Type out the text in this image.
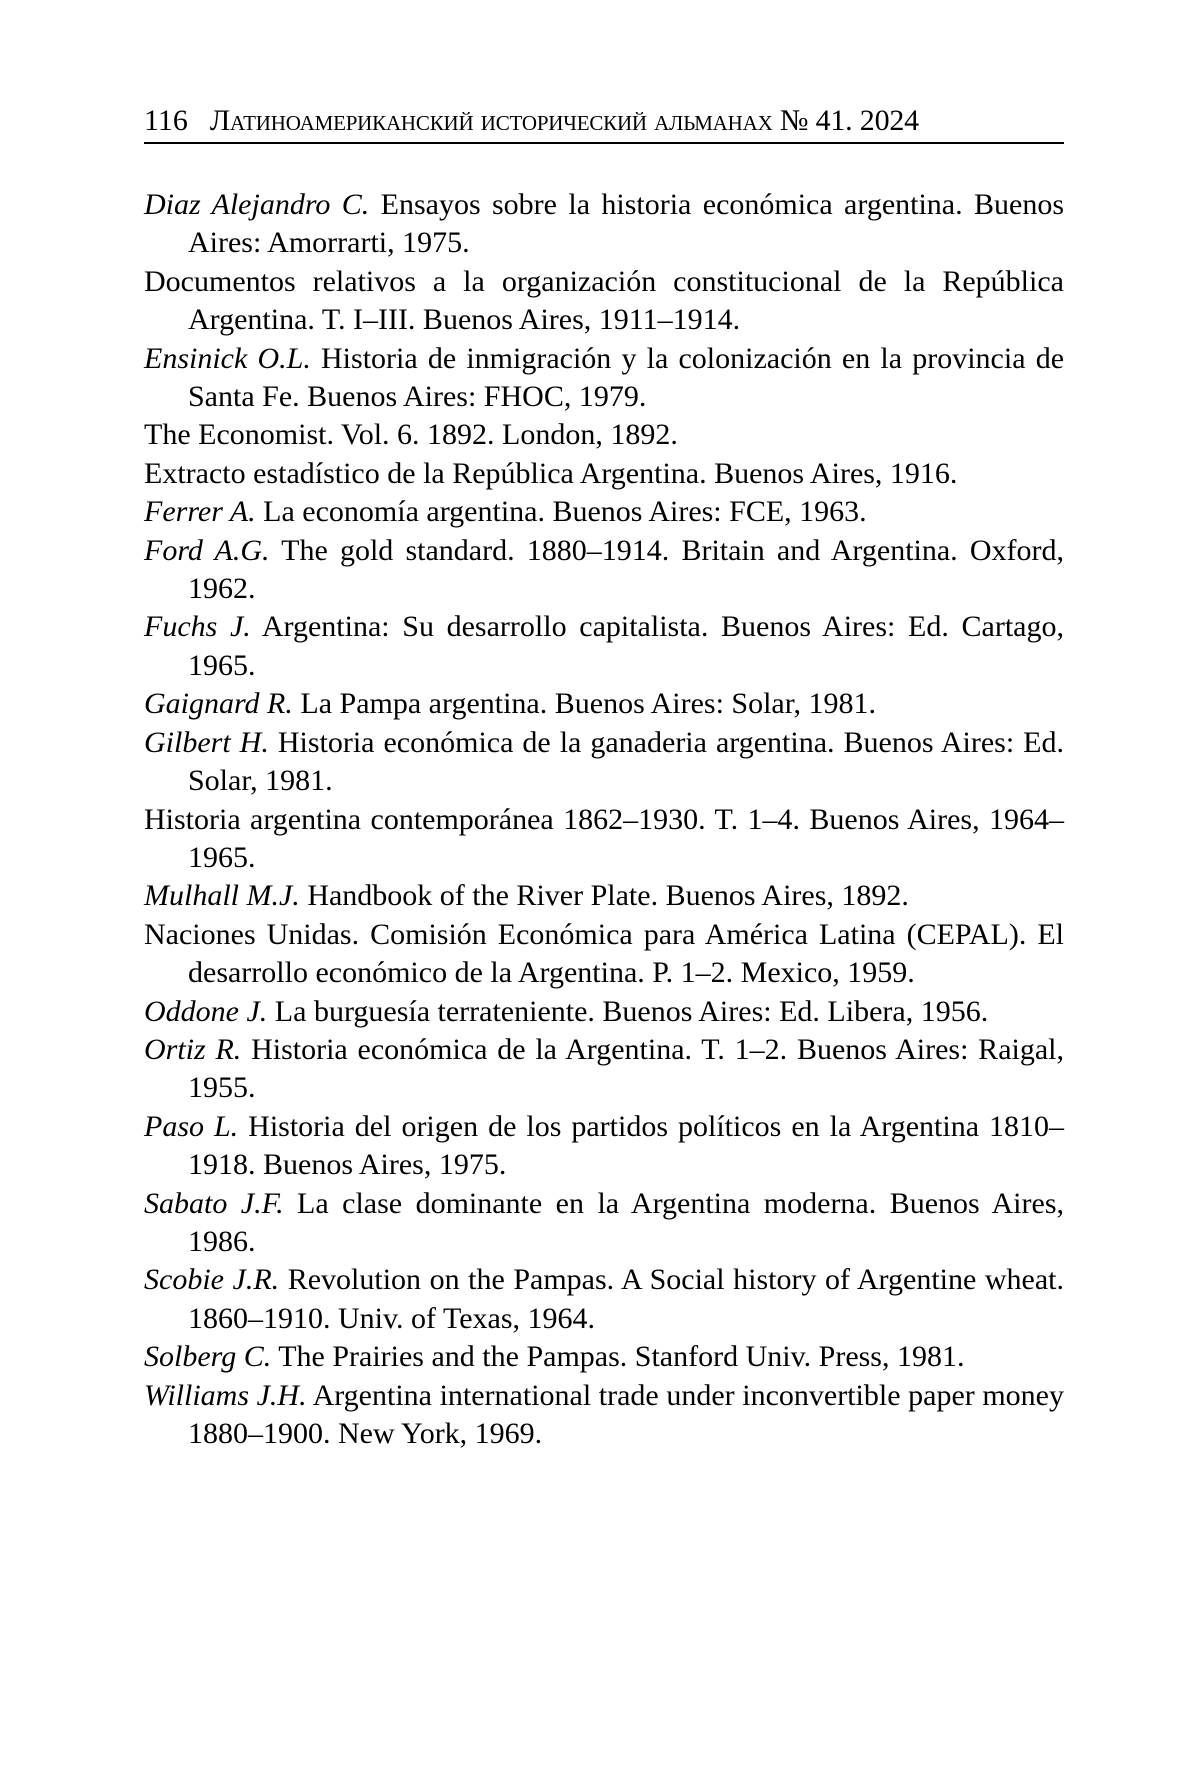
116 Латиноамериканский исторический альманах № 41. 2024
Diaz Alejandro C. Ensayos sobre la historia económica argentina. Buenos Aires: Amorrarti, 1975.
Documentos relativos a la organización constitucional de la República Argentina. T. I–III. Buenos Aires, 1911–1914.
Ensinick O.L. Historia de inmigración y la colonización en la provincia de Santa Fe. Buenos Aires: FHOC, 1979.
The Economist. Vol. 6. 1892. London, 1892.
Extracto estadístico de la República Argentina. Buenos Aires, 1916.
Ferrer A. La economía argentina. Buenos Aires: FCE, 1963.
Ford A.G. The gold standard. 1880–1914. Britain and Argentina. Oxford, 1962.
Fuchs J. Argentina: Su desarrollo capitalista. Buenos Aires: Ed. Cartago, 1965.
Gaignard R. La Pampa argentina. Buenos Aires: Solar, 1981.
Gilbert H. Historia económica de la ganaderia argentina. Buenos Aires: Ed. Solar, 1981.
Historia argentina contemporánea 1862–1930. T. 1–4. Buenos Aires, 1964–1965.
Mulhall M.J. Handbook of the River Plate. Buenos Aires, 1892.
Naciones Unidas. Comisión Económica para América Latina (CEPAL). El desarrollo económico de la Argentina. P. 1–2. Mexico, 1959.
Oddone J. La burguesía terrateniente. Buenos Aires: Ed. Libera, 1956.
Ortiz R. Historia económica de la Argentina. T. 1–2. Buenos Aires: Raigal, 1955.
Paso L. Historia del origen de los partidos políticos en la Argentina 1810–1918. Buenos Aires, 1975.
Sabato J.F. La clase dominante en la Argentina moderna. Buenos Aires, 1986.
Scobie J.R. Revolution on the Pampas. A Social history of Argentine wheat. 1860–1910. Univ. of Texas, 1964.
Solberg C. The Prairies and the Pampas. Stanford Univ. Press, 1981.
Williams J.H. Argentina international trade under inconvertible paper money 1880–1900. New York, 1969.
